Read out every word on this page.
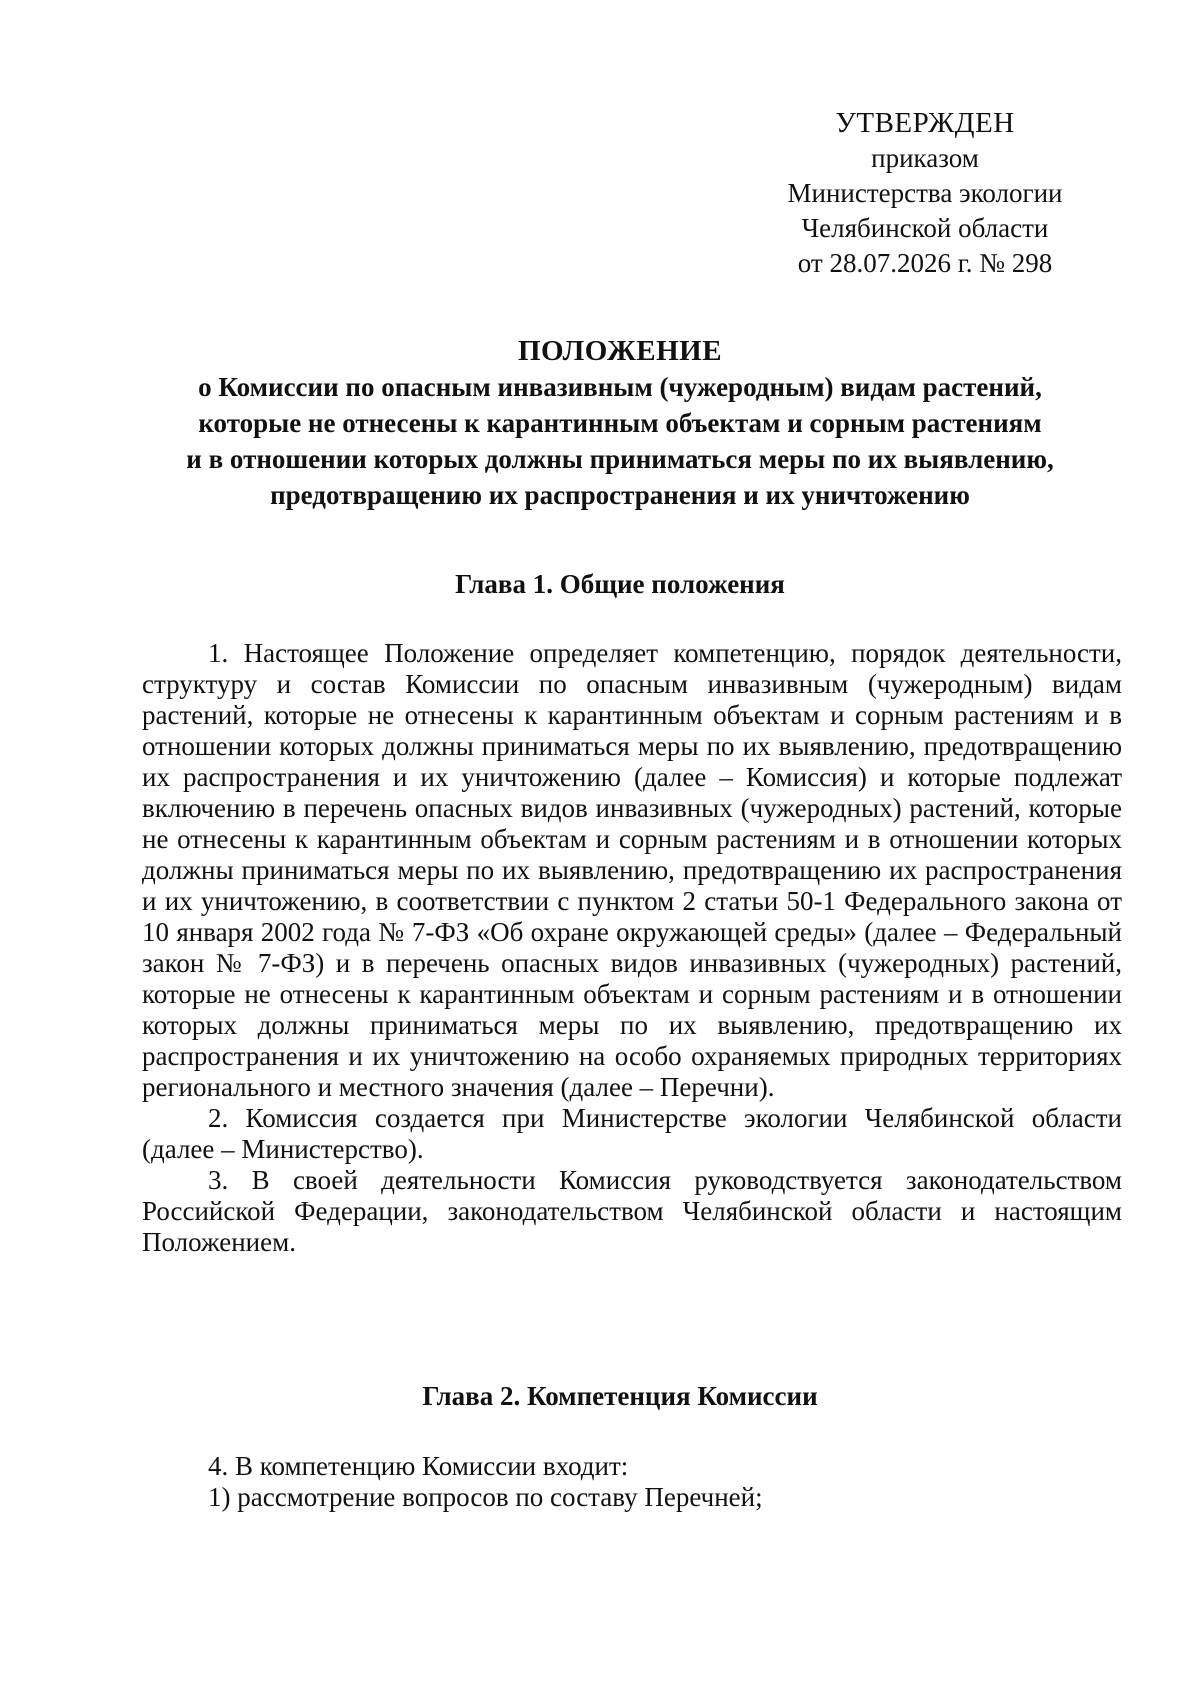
УТВЕРЖДЕН
приказом
Министерства экологии
Челябинской области
от 28.07.2026 г. № 298
ПОЛОЖЕНИЕ
о Комиссии по опасным инвазивным (чужеродным) видам растений,
которые не отнесены к карантинным объектам и сорным растениям
и в отношении которых должны приниматься меры по их выявлению,
предотвращению их распространения и их уничтожению
Глава 1. Общие положения

1. Настоящее Положение определяет компетенцию, порядок деятельности, структуру и состав Комиссии по опасным инвазивным (чужеродным) видам растений, которые не отнесены к карантинным объектам и сорным растениям и в отношении которых должны приниматься меры по их выявлению, предотвращению их распространения и их уничтожению (далее – Комиссия) и которые подлежат включению в перечень опасных видов инвазивных (чужеродных) растений, которые не отнесены к карантинным объектам и сорным растениям и в отношении которых должны приниматься меры по их выявлению, предотвращению их распространения и их уничтожению, в соответствии с пунктом 2 статьи 50-1 Федерального закона от 10 января 2002 года № 7-ФЗ «Об охране окружающей среды» (далее – Федеральный закон № 7-ФЗ) и в перечень опасных видов инвазивных (чужеродных) растений, которые не отнесены к карантинным объектам и сорным растениям и в отношении которых должны приниматься меры по их выявлению, предотвращению их распространения и их уничтожению на особо охраняемых природных территориях регионального и местного значения (далее – Перечни).

2. Комиссия создается при Министерстве экологии Челябинской области (далее – Министерство).

3. В своей деятельности Комиссия руководствуется законодательством Российской Федерации, законодательством Челябинской области и настоящим Положением.

Глава 2. Компетенция Комиссии

4. В компетенцию Комиссии входит:

1) рассмотрение вопросов по составу Перечней;
